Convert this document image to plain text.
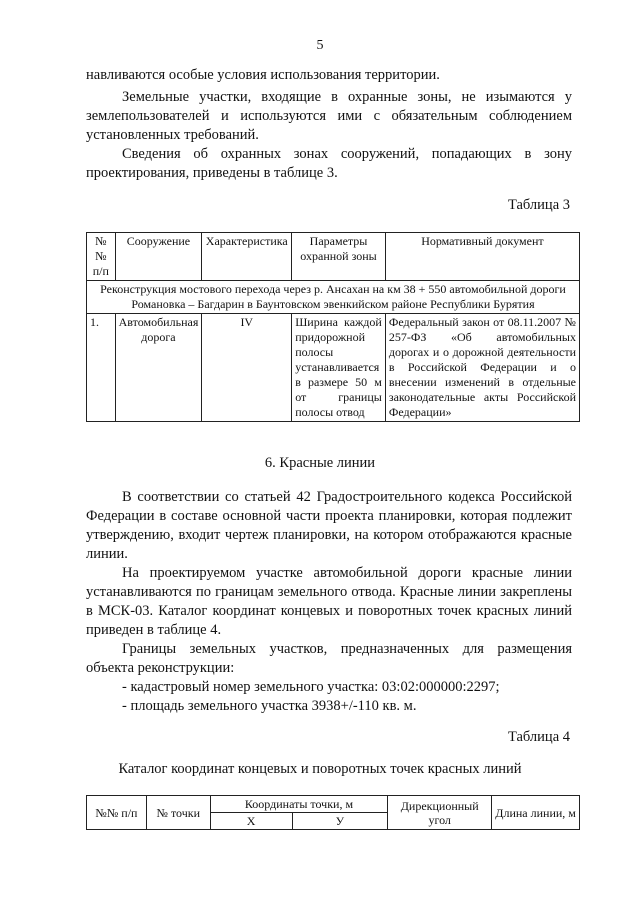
5

навливаются особые условия использования территории.

Земельные участки, входящие в охранные зоны, не изымаются у землепользователей и используются ими с обязательным соблюдением установленных требований.

Сведения об охранных зонах сооружений, попадающих в зону проектирования, приведены в таблице 3.

Таблица 3
№№ п/п	Сооружение	Характеристика	Параметры охранной зоны	Нормативный документ
Реконструкция мостового перехода через р. Ансахан на км 38 + 550 автомобильной дороги Романовка – Багдарин в Баунтовском эвенкийском районе Республики Бурятия				
1.	Автомобильная дорога	IV	Ширина каждой придорожной полосы устанавливается в размере 50 м от границы полосы отвод	Федеральный закон от 08.11.2007 № 257-ФЗ «Об автомобильных дорогах и о дорожной деятельности в Российской Федерации и о внесении изменений в отдельные законодательные акты Российской Федерации»
6. Красные линии

В соответствии со статьей 42 Градостроительного кодекса Российской Федерации в составе основной части проекта планировки, которая подлежит утверждению, входит чертеж планировки, на котором отображаются красные линии.

На проектируемом участке автомобильной дороги красные линии устанавливаются по границам земельного отвода. Красные линии закреплены в МСК-03. Каталог координат концевых и поворотных точек красных линий приведен в таблице 4.

Границы земельных участков, предназначенных для размещения объекта реконструкции:

- кадастровый номер земельного участка: 03:02:000000:2297;
- площадь земельного участка 3938+/-110 кв. м.
Таблица 4
Каталог координат концевых и поворотных точек красных линий
№№ п/п	№ точки	Координаты точки, м		Дирекционный угол	Длина линии, м
		X	У		
